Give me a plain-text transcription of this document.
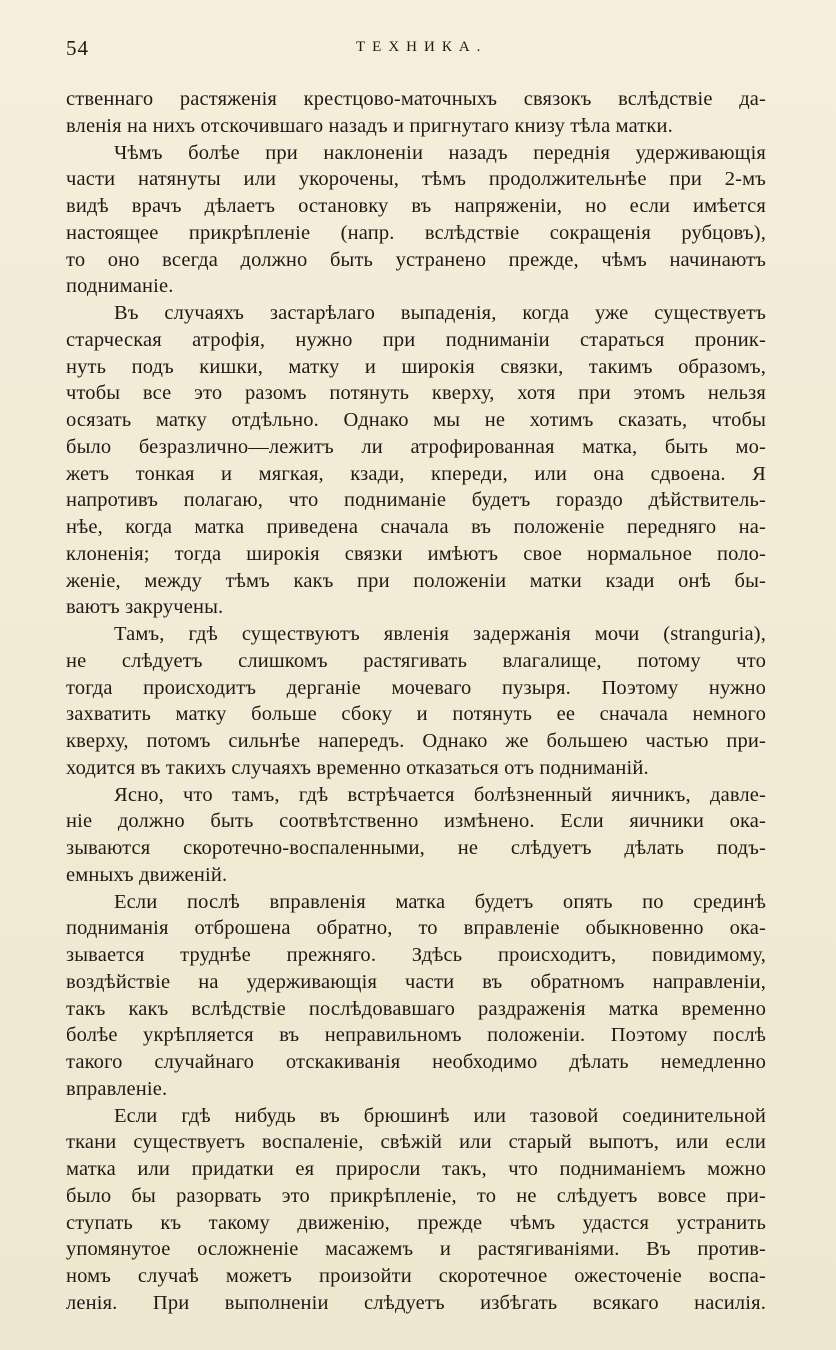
54	ТЕХНИКА.
ственнаго растяженія крестцово-маточныхъ связокъ вслѣдствіе да-
вленія на нихъ отскочившаго назадъ и пригнутаго книзу тѣла матки.
Чѣмъ болѣе при наклоненіи назадъ переднія удерживающія
части натянуты или укорочены, тѣмъ продолжительнѣе при 2-мъ
видѣ врачъ дѣлаетъ остановку въ напряженіи, но если имѣется
настоящее прикрѣпленіе (напр. вслѣдствіе сокращенія рубцовъ),
то оно всегда должно быть устранено прежде, чѣмъ начинаютъ
подниманіе.
Въ случаяхъ застарѣлаго выпаденія, когда уже существуетъ
старческая атрофія, нужно при подниманіи стараться проник-
нуть подъ кишки, матку и широкія связки, такимъ образомъ,
чтобы все это разомъ потянуть кверху, хотя при этомъ нельзя
осязать матку отдѣльно. Однако мы не хотимъ сказать, чтобы
было безразлично—лежитъ ли атрофированная матка, быть мо-
жетъ тонкая и мягкая, кзади, кпереди, или она сдвоена. Я
напротивъ полагаю, что подниманіе будетъ гораздо дѣйствитель-
нѣе, когда матка приведена сначала въ положеніе передняго на-
клоненія; тогда широкія связки имѣютъ свое нормальное поло-
женіе, между тѣмъ какъ при положеніи матки кзади онѣ бы-
ваютъ закручены.
Тамъ, гдѣ существуютъ явленія задержанія мочи (strangurіa),
не слѣдуетъ слишкомъ растягивать влагалище, потому что
тогда происходитъ дерганіе мочеваго пузыря. Поэтому нужно
захватить матку больше сбоку и потянуть ее сначала немного
кверху, потомъ сильнѣе напередъ. Однако же большею частью при-
ходится въ такихъ случаяхъ временно отказаться отъ подниманій.
Ясно, что тамъ, гдѣ встрѣчается болѣзненный яичникъ, давле-
ніе должно быть соотвѣтственно измѣнено. Если яичники ока-
зываются скоротечно-воспаленными, не слѣдуетъ дѣлать подъ-
емныхъ движеній.
Если послѣ вправленія матка будетъ опять по срединѣ
подниманія отброшена обратно, то вправленіе обыкновенно ока-
зывается труднѣе прежняго. Здѣсь происходитъ, повидимому,
воздѣйствіе на удерживающія части въ обратномъ направленіи,
такъ какъ вслѣдствіе послѣдовавшаго раздраженія матка временно
болѣе укрѣпляется въ неправильномъ положеніи. Поэтому послѣ
такого случайнаго отскакиванія необходимо дѣлать немедленно
вправленіе.
Если гдѣ нибудь въ брюшинѣ или тазовой соединительной
ткани существуетъ воспаленіе, свѣжій или старый выпотъ, или если
матка или придатки ея приросли такъ, что подниманіемъ можно
было бы разорвать это прикрѣпленіе, то не слѣдуетъ вовсе при-
ступать къ такому движенію, прежде чѣмъ удастся устранить
упомянутое осложненіе масажемъ и растягиваніями. Въ против-
номъ случаѣ можетъ произойти скоротечное ожесточеніе воспа-
ленія. При выполненіи слѣдуетъ избѣгать всякаго насилія.
